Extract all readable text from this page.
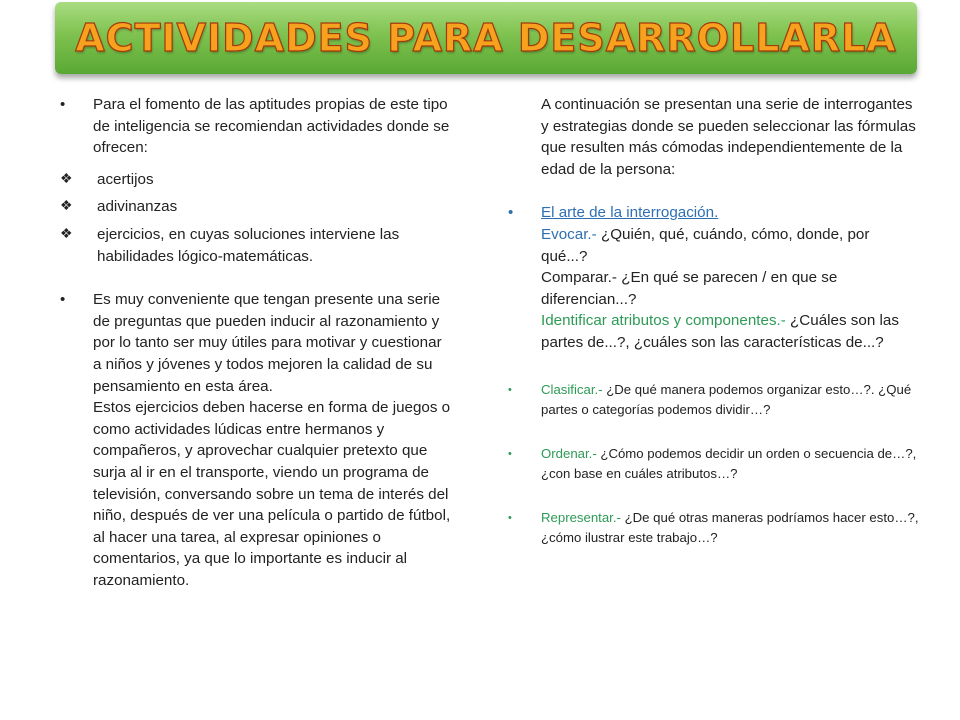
ACTIVIDADES PARA DESARROLLARLA
• Para el fomento de las aptitudes propias de este tipo de inteligencia se recomiendan actividades donde se ofrecen:
❖ acertijos
❖ adivinanzas
❖ ejercicios, en cuyas soluciones interviene las habilidades lógico-matemáticas.
• Es muy conveniente que tengan presente una serie de preguntas que pueden inducir al razonamiento y por lo tanto ser muy útiles para motivar y cuestionar a niños y jóvenes y todos mejoren la calidad de su pensamiento en esta área.
Estos ejercicios deben hacerse en forma de juegos o como actividades lúdicas entre hermanos y compañeros, y aprovechar cualquier pretexto que surja al ir en el transporte, viendo un programa de televisión, conversando sobre un tema de interés del niño, después de ver una película o partido de fútbol, al hacer una tarea, al expresar opiniones o comentarios, ya que lo importante es inducir al razonamiento.
A continuación se presentan una serie de interrogantes y estrategias donde se pueden seleccionar las fórmulas que resulten más cómodas independientemente de la edad de la persona:
• El arte de la interrogación.
Evocar.- ¿Quién, qué, cuándo, cómo, donde, por qué...?
Comparar.- ¿En qué se parecen / en que se diferencian...?
Identificar atributos y componentes.- ¿Cuáles son las partes de...?, ¿cuáles son las características de...?
• Clasificar.- ¿De qué manera podemos organizar esto…?. ¿Qué partes o categorías podemos dividir…?
• Ordenar.- ¿Cómo podemos decidir un orden o secuencia de…?, ¿con base en cuáles atributos…?
• Representar.- ¿De qué otras maneras podríamos hacer esto…?, ¿cómo ilustrar este trabajo…?
